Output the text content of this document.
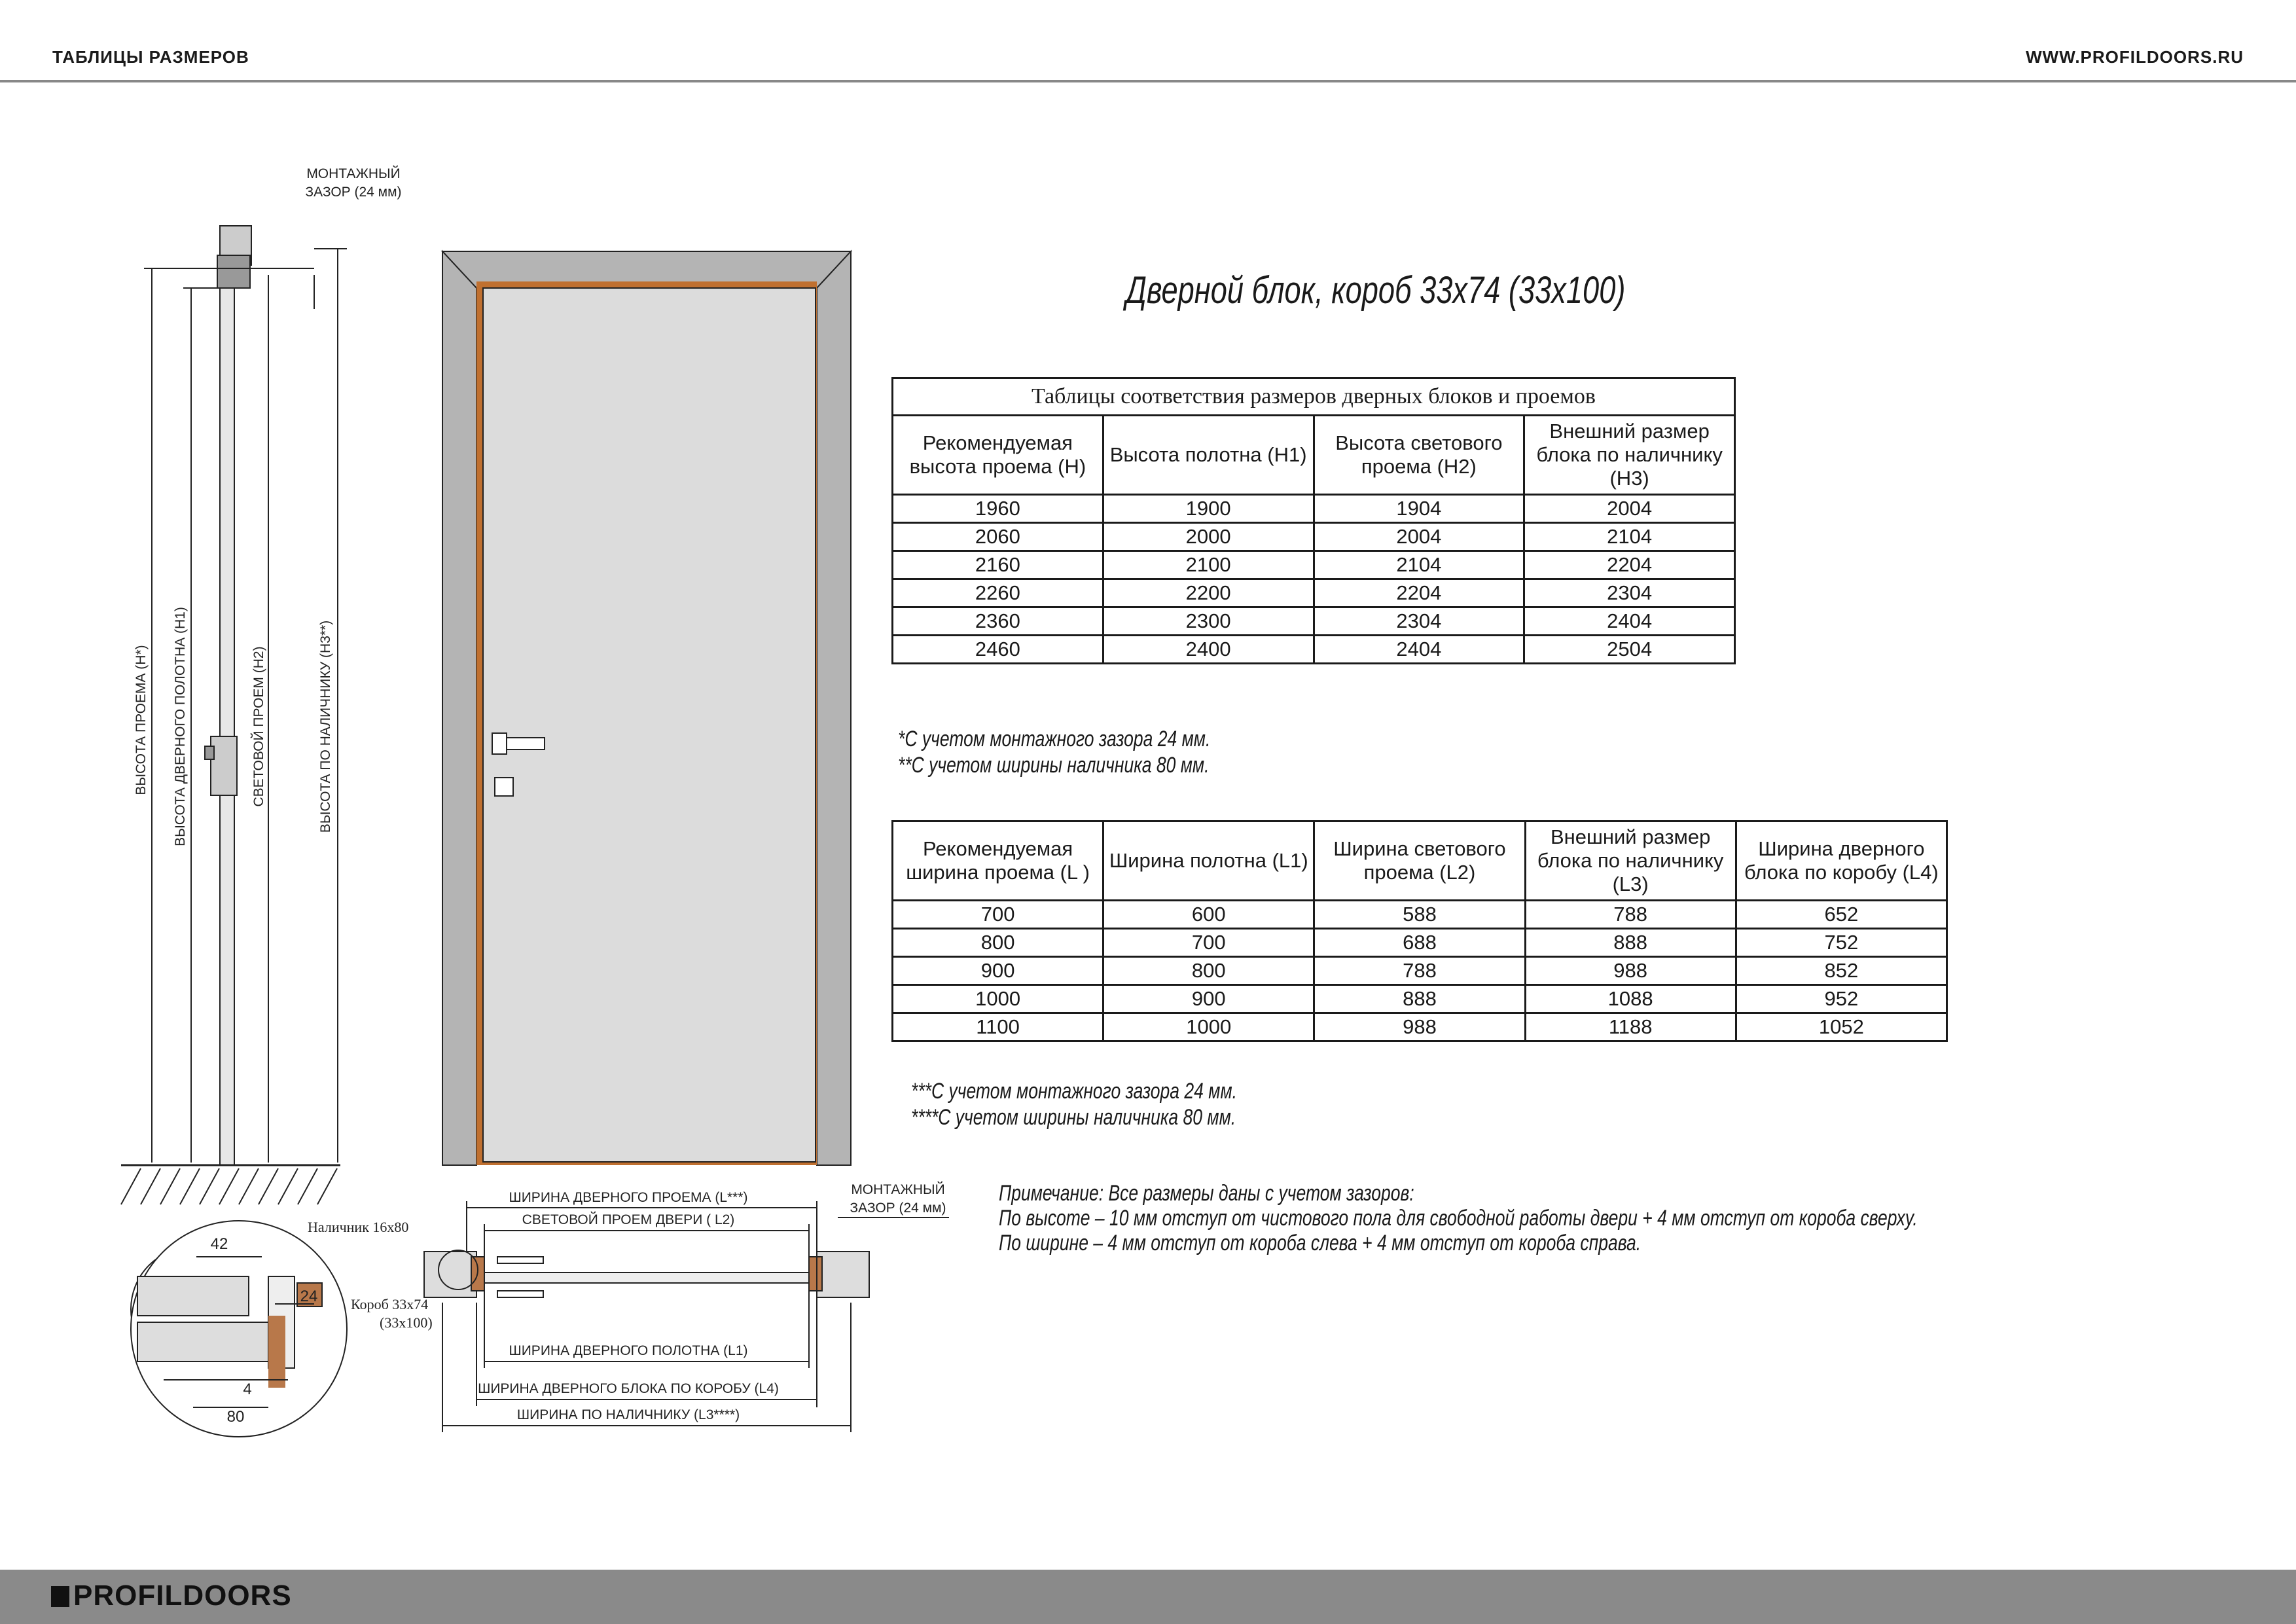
ТАБЛИЦЫ РАЗМЕРОВ	WWW.PROFILDOORS.RU
Дверной блок, короб 33х74 (33х100)
МОНТАЖНЫЙ
ЗАЗОР (24 мм)
ВЫСОТА ПРОЕМА (H*) ВЫСОТА ДВЕРНОГО ПОЛОТНА (H1)	СВЕТОВОЙ ПРОЕМ (H2)	ВЫСОТА ПО НАЛИЧНИКУ (H3**)
ШИРИНА ДВЕРНОГО ПРОЕМА (L***)
СВЕТОВОЙ ПРОЕМ ДВЕРИ ( L2)
ШИРИНА ДВЕРНОГО ПОЛОТНА (L1)
ШИРИНА ДВЕРНОГО БЛОКА ПО КОРОБУ (L4)
ШИРИНА ПО НАЛИЧНИКУ (L3****)
МОНТАЖНЫЙ
ЗАЗОР (24 мм)
42
24
4
80
Наличник 16х80
Короб 33х74
(33х100)
Таблицы соответствия размеров дверных блоков и проемов			
Рекомендуемая высота проема (H)	Высота полотна (H1)	Высота светового проема (H2)	Внешний размер блока по наличнику (H3)
1960	1900	1904	2004
2060	2000	2004	2104
2160	2100	2104	2204
2260	2200	2204	2304
2360	2300	2304	2404
2460	2400	2404	2504
*С учетом монтажного зазора 24 мм.
**С учетом ширины наличника 80 мм.
Рекомендуемая ширина проема (L )	Ширина полотна (L1)	Ширина светового проема (L2)	Внешний размер блока по наличнику (L3)	Ширина дверного блока по коробу (L4)
700	600	588	788	652
800	700	688	888	752
900	800	788	988	852
1000	900	888	1088	952
1100	1000	988	1188	1052
***С учетом монтажного зазора 24 мм.
****С учетом ширины наличника 80 мм.
Примечание: Все размеры даны с учетом зазоров:
По высоте – 10 мм отступ от чистового пола для свободной работы двери + 4 мм отступ от короба сверху.
По ширине – 4 мм отступ от короба слева + 4 мм отступ от короба справа.
PROFILDOORS
